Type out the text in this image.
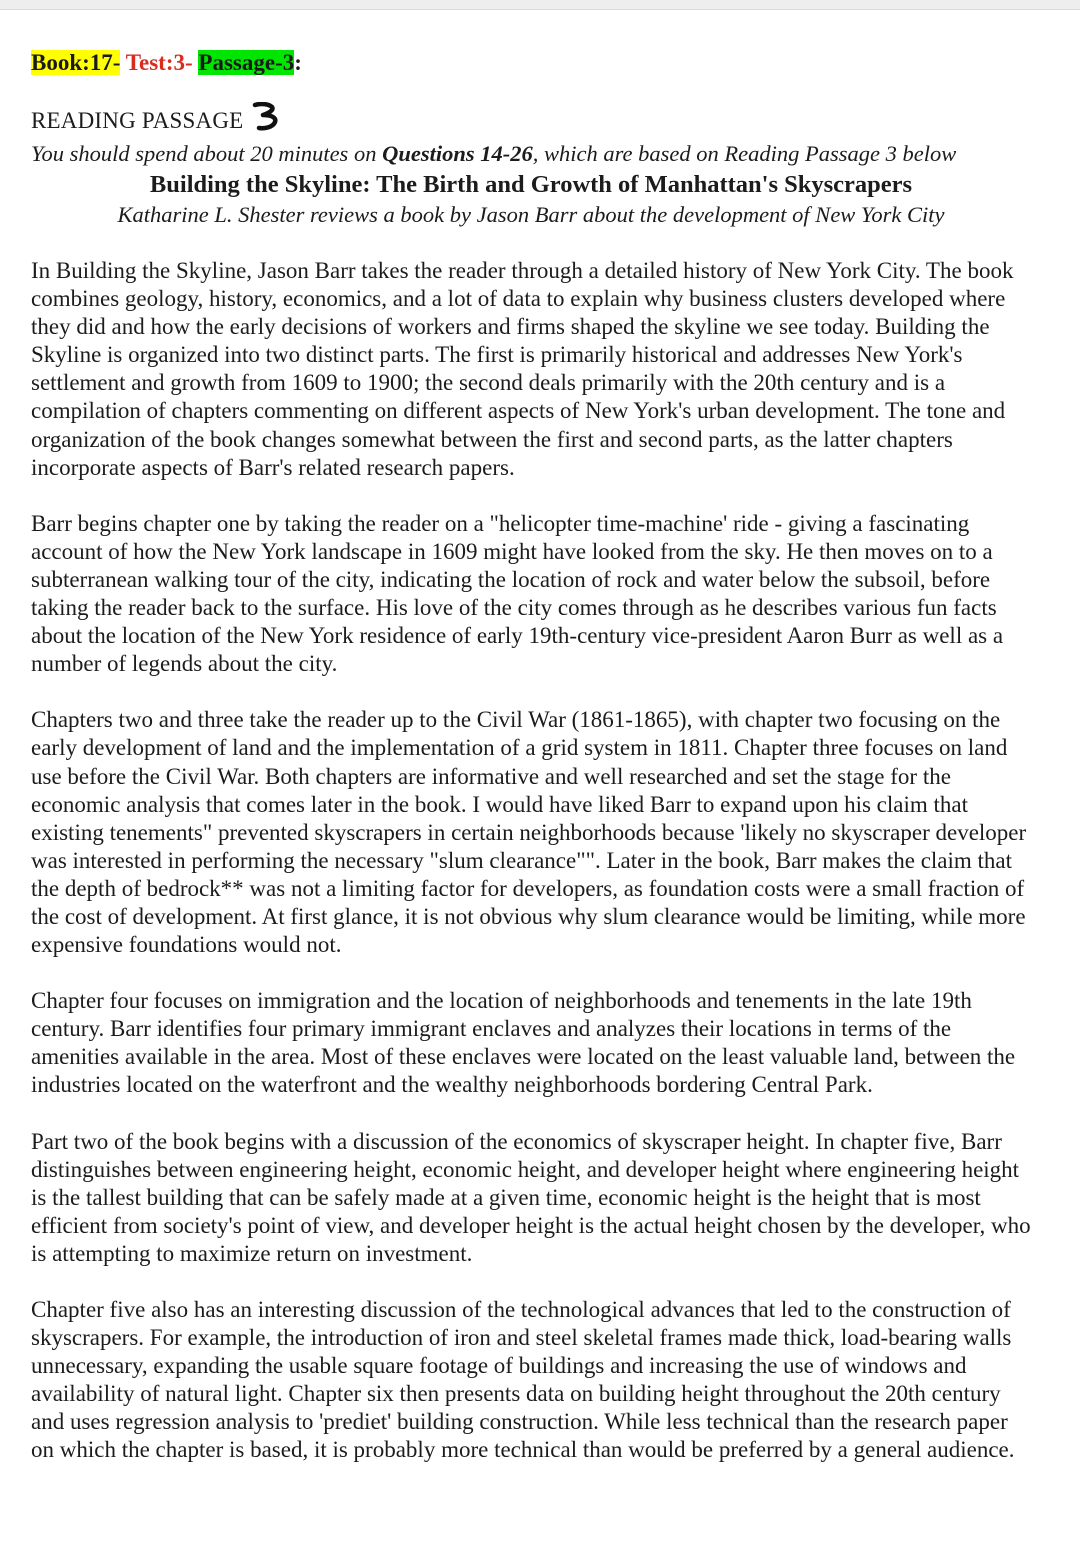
Book:17- Test:3- Passage-3:
READING PASSAGE

You should spend about 20 minutes on Questions 14-26, which are based on Reading Passage 3 below

Building the Skyline: The Birth and Growth of Manhattan's Skyscrapers

Katharine L. Shester reviews a book by Jason Barr about the development of New York City

In Building the Skyline, Jason Barr takes the reader through a detailed history of New York City. The book combines geology, history, economics, and a lot of data to explain why business clusters developed where they did and how the early decisions of workers and firms shaped the skyline we see today. Building the Skyline is organized into two distinct parts. The first is primarily historical and addresses New York's settlement and growth from 1609 to 1900; the second deals primarily with the 20th century and is a compilation of chapters commenting on different aspects of New York's urban development. The tone and organization of the book changes somewhat between the first and second parts, as the latter chapters incorporate aspects of Barr's related research papers.

Barr begins chapter one by taking the reader on a "helicopter time-machine' ride - giving a fascinating account of how the New York landscape in 1609 might have looked from the sky. He then moves on to a subterranean walking tour of the city, indicating the location of rock and water below the subsoil, before taking the reader back to the surface. His love of the city comes through as he describes various fun facts about the location of the New York residence of early 19th-century vice-president Aaron Burr as well as a number of legends about the city.

Chapters two and three take the reader up to the Civil War (1861-1865), with chapter two focusing on the early development of land and the implementation of a grid system in 1811. Chapter three focuses on land use before the Civil War. Both chapters are informative and well researched and set the stage for the economic analysis that comes later in the book. I would have liked Barr to expand upon his claim that existing tenements" prevented skyscrapers in certain neighborhoods because 'likely no skyscraper developer was interested in performing the necessary "slum clearance"". Later in the book, Barr makes the claim that the depth of bedrock** was not a limiting factor for developers, as foundation costs were a small fraction of the cost of development. At first glance, it is not obvious why slum clearance would be limiting, while more expensive foundations would not.

Chapter four focuses on immigration and the location of neighborhoods and tenements in the late 19th century. Barr identifies four primary immigrant enclaves and analyzes their locations in terms of the amenities available in the area. Most of these enclaves were located on the least valuable land, between the industries located on the waterfront and the wealthy neighborhoods bordering Central Park.

Part two of the book begins with a discussion of the economics of skyscraper height. In chapter five, Barr distinguishes between engineering height, economic height, and developer height where engineering height is the tallest building that can be safely made at a given time, economic height is the height that is most efficient from society's point of view, and developer height is the actual height chosen by the developer, who is attempting to maximize return on investment.

Chapter five also has an interesting discussion of the technological advances that led to the construction of skyscrapers. For example, the introduction of iron and steel skeletal frames made thick, load-bearing walls unnecessary, expanding the usable square footage of buildings and increasing the use of windows and availability of natural light. Chapter six then presents data on building height throughout the 20th century and uses regression analysis to 'prediet' building construction. While less technical than the research paper on which the chapter is based, it is probably more technical than would be preferred by a general audience.
